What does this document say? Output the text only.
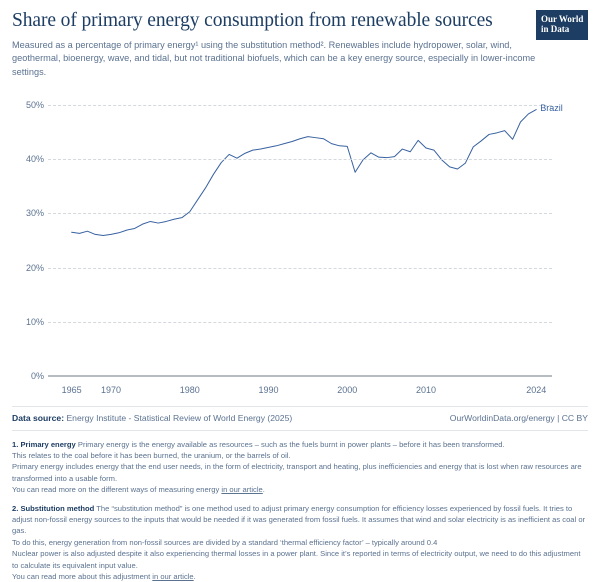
Share of primary energy consumption from renewable sources
Measured as a percentage of primary energy¹ using the substitution method². Renewables include hydropower, solar, wind, geothermal, bioenergy, wave, and tidal, but not traditional biofuels, which can be a key energy source, especially in lower-income settings.
Our World
in Data
0%
10%
20%
30%
40%
50%
1965 1970	1980	1990	2000	2010	2024
Brazil
Data source: Energy Institute - Statistical Review of World Energy (2025)	OurWorldinData.org/energy | CC BY

1. Primary energy Primary energy is the energy available as resources – such as the fuels burnt in power plants – before it has been transformed.
This relates to the coal before it has been burned, the uranium, or the barrels of oil.
Primary energy includes energy that the end user needs, in the form of electricity, transport and heating, plus inefficiencies and energy that is lost when raw resources are transformed into a usable form.
You can read more on the different ways of measuring energy in our article.

2. Substitution method The “substitution method” is one method used to adjust primary energy consumption for efficiency losses experienced by fossil fuels. It tries to adjust non-fossil energy sources to the inputs that would be needed if it was generated from fossil fuels. It assumes that wind and solar electricity is as inefficient as coal or gas.
To do this, energy generation from non-fossil sources are divided by a standard ‘thermal efficiency factor’ – typically around 0.4
Nuclear power is also adjusted despite it also experiencing thermal losses in a power plant. Since it’s reported in terms of electricity output, we need to do this adjustment to calculate its equivalent input value.
You can read more about this adjustment in our article.
